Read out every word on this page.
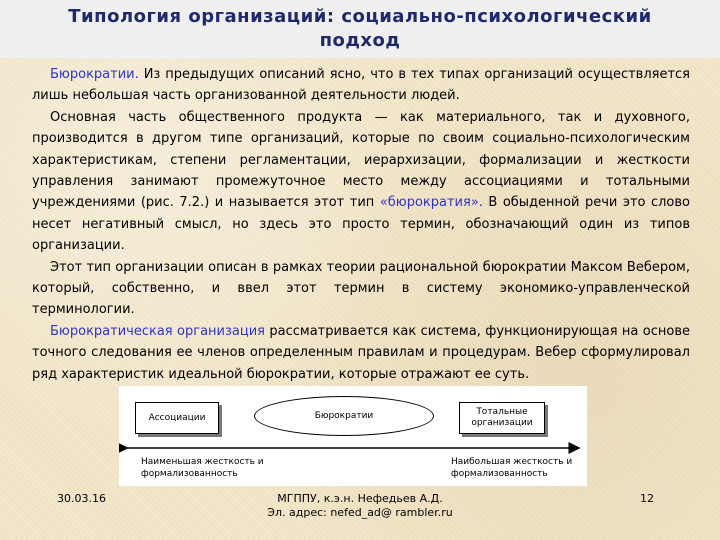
Типология организаций: социально-психологический подход

Бюрократии. Из предыдущих описаний ясно, что в тех типах организаций осуществляется лишь небольшая часть организованной деятельности людей.

Основная часть общественного продукта — как материального, так и духовного, производится в другом типе организаций, которые по своим социально-психологическим характеристикам, степени регламентации, иерархизации, формализации и жесткости управления занимают промежуточное место между ассоциациями и тотальными учреждениями (рис. 7.2.) и называется этот тип «бюрократия». В обыденной речи это слово несет негативный смысл, но здесь это просто термин, обозначающий один из типов организации.

Этот тип организации описан в рамках теории рациональной бюрократии Максом Вебером, который, собственно, и ввел этот термин в систему экономико-управленческой терминологии.

Бюрократическая организация рассматривается как система, функционирующая на основе точного следования ее членов определенным правилам и процедурам. Вебер сформулировал ряд характеристик идеальной бюрократии, которые отражают ее суть.

Ассоциации	Бюрократии	Тотальные организации
Наименьшая жесткость и формализованность
Наибольшая жесткость и формализованность
30.03.16	МГППУ, к.э.н. Нефедьев А.Д.
Эл. адрес: nefed_ad@ rambler.ru
12
